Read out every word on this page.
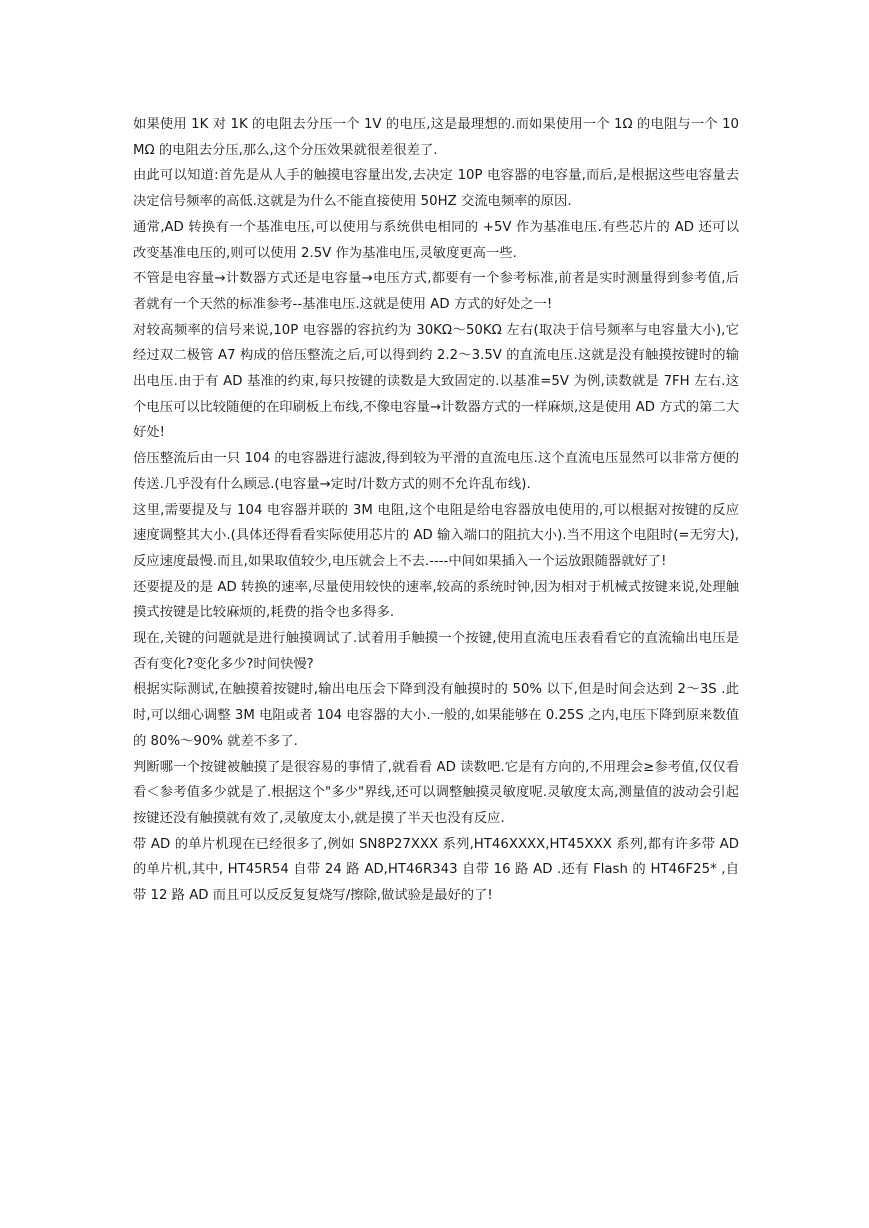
如果使用 1K 对 1K 的电阻去分压一个 1V 的电压,这是最理想的.而如果使用一个 1Ω 的电阻与一个 10MΩ 的电阻去分压,那么,这个分压效果就很差很差了.

由此可以知道:首先是从人手的触摸电容量出发,去决定 10P 电容器的电容量,而后,是根据这些电容量去决定信号频率的高低.这就是为什么不能直接使用 50HZ 交流电频率的原因.

通常,AD 转换有一个基准电压,可以使用与系统供电相同的 +5V 作为基准电压.有些芯片的 AD 还可以改变基准电压的,则可以使用 2.5V 作为基准电压,灵敏度更高一些.

不管是电容量→计数器方式还是电容量→电压方式,都要有一个参考标准,前者是实时测量得到参考值,后者就有一个天然的标准参考--基准电压.这就是使用 AD 方式的好处之一!

对较高频率的信号来说,10P 电容器的容抗约为 30KΩ～50KΩ 左右(取决于信号频率与电容量大小),它经过双二极管 A7 构成的倍压整流之后,可以得到约 2.2～3.5V 的直流电压.这就是没有触摸按键时的输出电压.由于有 AD 基准的约束,每只按键的读数是大致固定的.以基准=5V 为例,读数就是 7FH 左右.这个电压可以比较随便的在印刷板上布线,不像电容量→计数器方式的一样麻烦,这是使用 AD 方式的第二大好处!

倍压整流后由一只 104 的电容器进行滤波,得到较为平滑的直流电压.这个直流电压显然可以非常方便的传送.几乎没有什么顾忌.(电容量→定时/计数方式的则不允许乱布线).

这里,需要提及与 104 电容器并联的 3M 电阻,这个电阻是给电容器放电使用的,可以根据对按键的反应速度调整其大小.(具体还得看看实际使用芯片的 AD 输入端口的阻抗大小).当不用这个电阻时(=无穷大),反应速度最慢.而且,如果取值较少,电压就会上不去.----中间如果插入一个运放跟随器就好了!

还要提及的是 AD 转换的速率,尽量使用较快的速率,较高的系统时钟,因为相对于机械式按键来说,处理触摸式按键是比较麻烦的,耗费的指令也多得多.

现在,关键的问题就是进行触摸调试了.试着用手触摸一个按键,使用直流电压表看看它的直流输出电压是否有变化?变化多少?时间快慢?

根据实际测试,在触摸着按键时,输出电压会下降到没有触摸时的 50% 以下,但是时间会达到 2～3S .此时,可以细心调整 3M 电阻或者 104 电容器的大小.一般的,如果能够在 0.25S 之内,电压下降到原来数值的 80%～90% 就差不多了.

判断哪一个按键被触摸了是很容易的事情了,就看看 AD 读数吧.它是有方向的,不用理会≥参考值,仅仅看看＜参考值多少就是了.根据这个"多少"界线,还可以调整触摸灵敏度呢.灵敏度太高,测量值的波动会引起按键还没有触摸就有效了,灵敏度太小,就是摸了半天也没有反应.

带 AD 的单片机现在已经很多了,例如 SN8P27XXX 系列,HT46XXXX,HT45XXX 系列,都有许多带 AD 的单片机,其中, HT45R54 自带 24 路 AD,HT46R343 自带 16 路 AD .还有 Flash 的 HT46F25* ,自带 12 路 AD 而且可以反反复复烧写/擦除,做试验是最好的了!
